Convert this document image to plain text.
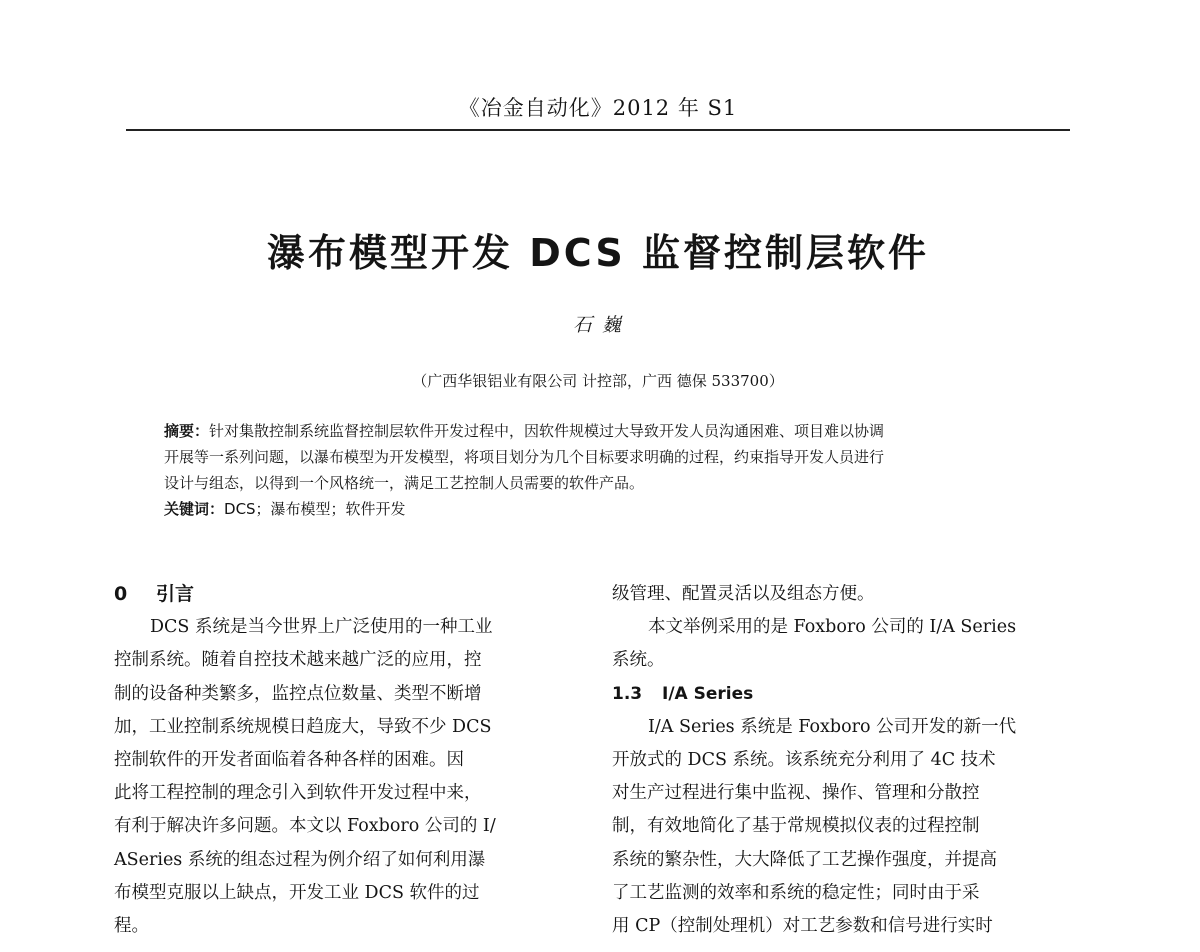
《冶金自动化》2012 年 S1
瀑布模型开发 DCS 监督控制层软件
石 巍
（广西华银铝业有限公司 计控部，广西 德保 533700）
摘要：针对集散控制系统监督控制层软件开发过程中，因软件规模过大导致开发人员沟通困难、项目难以协调
开展等一系列问题，以瀑布模型为开发模型，将项目划分为几个目标要求明确的过程，约束指导开发人员进行
设计与组态，以得到一个风格统一，满足工艺控制人员需要的软件产品。
关键词：DCS；瀑布模型；软件开发
0 引言
DCS 系统是当今世界上广泛使用的一种工业
控制系统。随着自控技术越来越广泛的应用，控
制的设备种类繁多，监控点位数量、类型不断增
加，工业控制系统规模日趋庞大，导致不少 DCS
控制软件的开发者面临着各种各样的困难。因
此将工程控制的理念引入到软件开发过程中来，
有利于解决许多问题。本文以 Foxboro 公司的 I/
ASeries 系统的组态过程为例介绍了如何利用瀑
布模型克服以上缺点，开发工业 DCS 软件的过
程。
级管理、配置灵活以及组态方便。
本文举例采用的是 Foxboro 公司的 I/A Series
系统。
1.3 I/A Series
I/A Series 系统是 Foxboro 公司开发的新一代
开放式的 DCS 系统。该系统充分利用了 4C 技术
对生产过程进行集中监视、操作、管理和分散控
制，有效地简化了基于常规模拟仪表的过程控制
系统的繁杂性，大大降低了工艺操作强度，并提高
了工艺监测的效率和系统的稳定性；同时由于采
用 CP（控制处理机）对工艺参数和信号进行实时
